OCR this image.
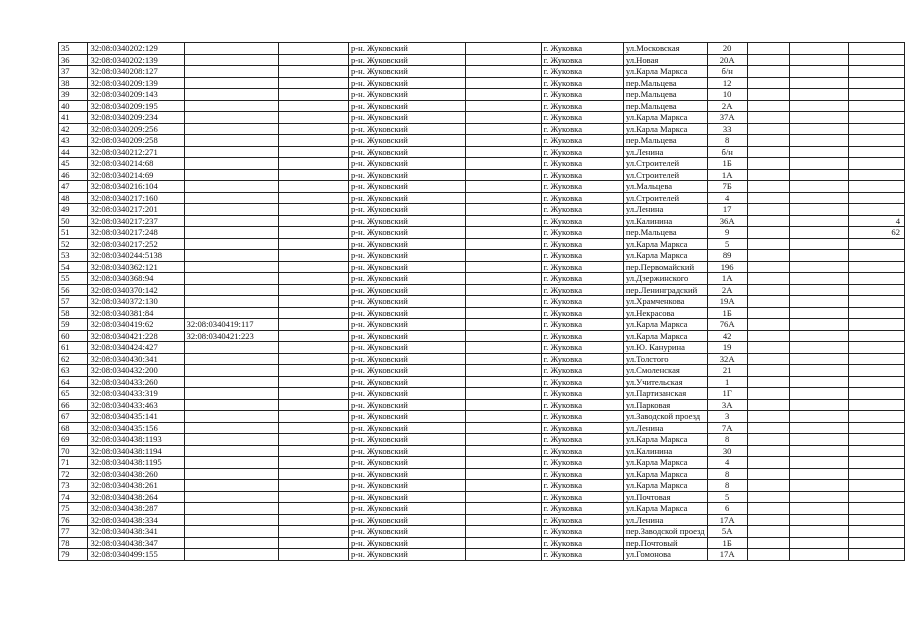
35	32:08:0340202:129			р-н. Жуковский		г. Жуковка	ул.Московская	20			
36	32:08:0340202:139			р-н. Жуковский		г. Жуковка	ул.Новая	20А			
37	32:08:0340208:127			р-н. Жуковский		г. Жуковка	ул.Карла Маркса	б/н			
38	32:08:0340209:139			р-н. Жуковский		г. Жуковка	пер.Мальцева	12			
39	32:08:0340209:143			р-н. Жуковский		г. Жуковка	пер.Мальцева	10			
40	32:08:0340209:195			р-н. Жуковский		г. Жуковка	пер.Мальцева	2А			
41	32:08:0340209:234			р-н. Жуковский		г. Жуковка	ул.Карла Маркса	37А			
42	32:08:0340209:256			р-н. Жуковский		г. Жуковка	ул.Карла Маркса	33			
43	32:08:0340209:258			р-н. Жуковский		г. Жуковка	пер.Мальцева	8			
44	32:08:0340212:271			р-н. Жуковский		г. Жуковка	ул.Ленина	б/н			
45	32:08:0340214:68			р-н. Жуковский		г. Жуковка	ул.Строителей	1Б			
46	32:08:0340214:69			р-н. Жуковский		г. Жуковка	ул.Строителей	1А			
47	32:08:0340216:104			р-н. Жуковский		г. Жуковка	ул.Мальцева	7Б			
48	32:08:0340217:160			р-н. Жуковский		г. Жуковка	ул.Строителей	4			
49	32:08:0340217:201			р-н. Жуковский		г. Жуковка	ул.Ленина	17			
50	32:08:0340217:237			р-н. Жуковский		г. Жуковка	ул.Калинина	36А			4
51	32:08:0340217:248			р-н. Жуковский		г. Жуковка	пер.Мальцева	9			62
52	32:08:0340217:252			р-н. Жуковский		г. Жуковка	ул.Карла Маркса	5			
53	32:08:0340244:5138			р-н. Жуковский		г. Жуковка	ул.Карла Маркса	89			
54	32:08:0340362:121			р-н. Жуковский		г. Жуковка	пер.Первомайский	196			
55	32:08:0340368:94			р-н. Жуковский		г. Жуковка	ул.Дзержинского	1А			
56	32:08:0340370:142			р-н. Жуковский		г. Жуковка	пер.Ленинградский	2А			
57	32:08:0340372:130			р-н. Жуковский		г. Жуковка	ул.Храмченкова	19А			
58	32:08:0340381:84			р-н. Жуковский		г. Жуковка	ул.Некрасова	1Б			
59	32:08:0340419:62	32:08:0340419:117		р-н. Жуковский		г. Жуковка	ул.Карла Маркса	76А			
60	32:08:0340421:228	32:08:0340421:223		р-н. Жуковский		г. Жуковка	ул.Карла Маркса	42			
61	32:08:0340424:427			р-н. Жуковский		г. Жуковка	ул.Ю. Канурина	19			
62	32:08:0340430:341			р-н. Жуковский		г. Жуковка	ул.Толстого	32А			
63	32:08:0340432:200			р-н. Жуковский		г. Жуковка	ул.Смоленская	21			
64	32:08:0340433:260			р-н. Жуковский		г. Жуковка	ул.Учительская	1			
65	32:08:0340433:319			р-н. Жуковский		г. Жуковка	ул.Партизанская	1Г			
66	32:08:0340433:463			р-н. Жуковский		г. Жуковка	ул.Парковая	3А			
67	32:08:0340435:141			р-н. Жуковский		г. Жуковка	ул.Заводской проезд	3			
68	32:08:0340435:156			р-н. Жуковский		г. Жуковка	ул.Ленина	7А			
69	32:08:0340438:1193			р-н. Жуковский		г. Жуковка	ул.Карла Маркса	8			
70	32:08:0340438:1194			р-н. Жуковский		г. Жуковка	ул.Калинина	30			
71	32:08:0340438:1195			р-н. Жуковский		г. Жуковка	ул.Карла Маркса	4			
72	32:08:0340438:260			р-н. Жуковский		г. Жуковка	ул.Карла Маркса	8			
73	32:08:0340438:261			р-н. Жуковский		г. Жуковка	ул.Карла Маркса	8			
74	32:08:0340438:264			р-н. Жуковский		г. Жуковка	ул.Почтовая	5			
75	32:08:0340438:287			р-н. Жуковский		г. Жуковка	ул.Карла Маркса	6			
76	32:08:0340438:334			р-н. Жуковский		г. Жуковка	ул.Ленина	17А			
77	32:08:0340438:341			р-н. Жуковский		г. Жуковка	пер.Заводской проезд	5А			
78	32:08:0340438:347			р-н. Жуковский		г. Жуковка	пер.Почтовый	1Б			
79	32:08:0340499:155			р-н. Жуковский		г. Жуковка	ул.Гомонова	17А			
